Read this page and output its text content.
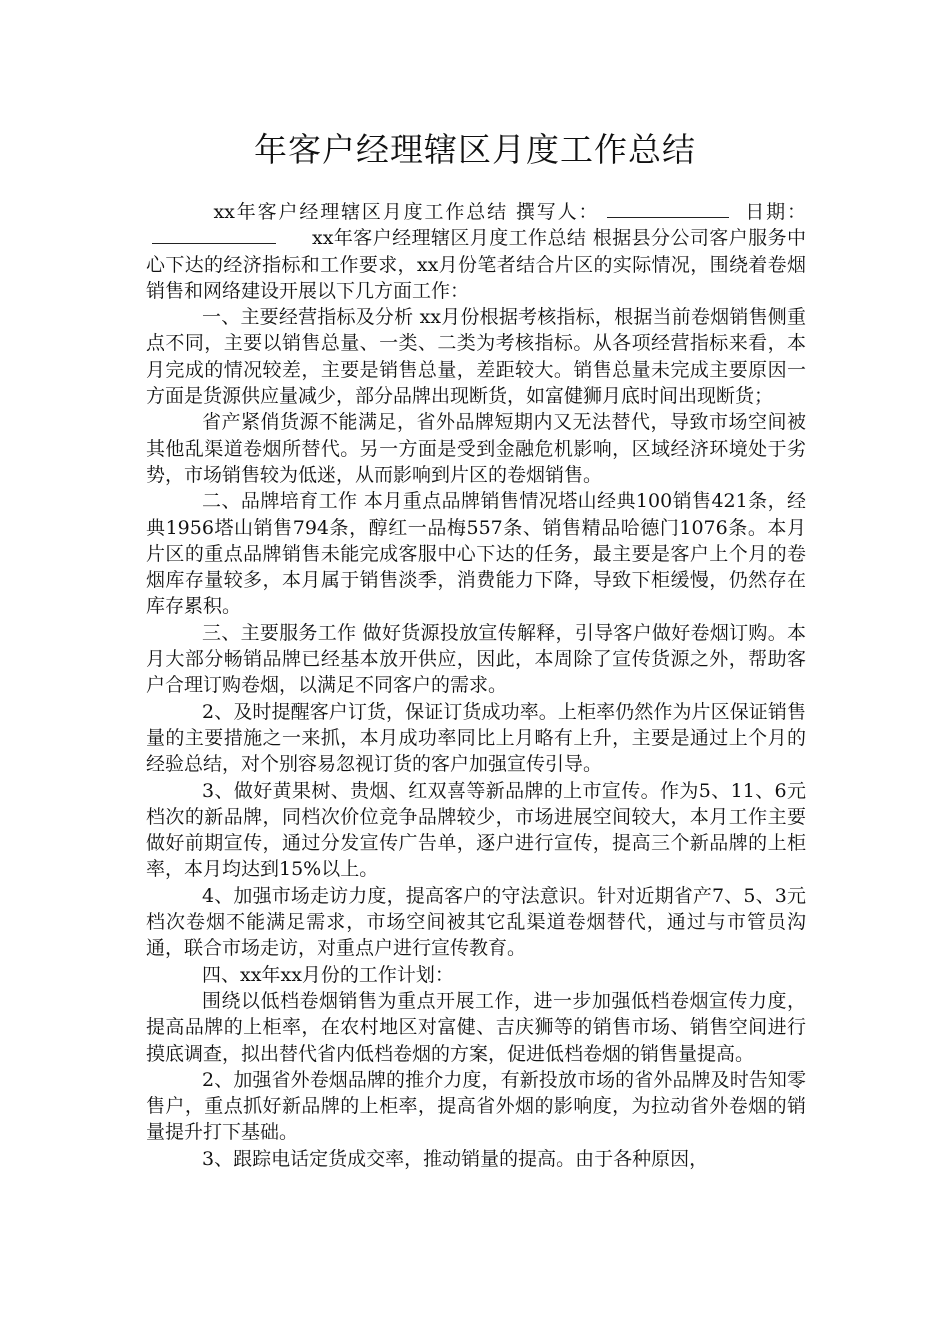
年客户经理辖区月度工作总结

xx年客户经理辖区月度工作总结 撰写人：	日期：xx年客户经理辖区月度工作总结 根据县分公司客户服务中心下达的经济指标和工作要求，xx月份笔者结合片区的实际情况，围绕着卷烟销售和网络建设开展以下几方面工作：

一、主要经营指标及分析 xx月份根据考核指标，根据当前卷烟销售侧重点不同，主要以销售总量、一类、二类为考核指标。从各项经营指标来看，本月完成的情况较差，主要是销售总量，差距较大。销售总量未完成主要原因一方面是货源供应量减少，部分品牌出现断货，如富健狮月底时间出现断货；

省产紧俏货源不能满足，省外品牌短期内又无法替代，导致市场空间被其他乱渠道卷烟所替代。另一方面是受到金融危机影响，区域经济环境处于劣势，市场销售较为低迷，从而影响到片区的卷烟销售。

二、品牌培育工作 本月重点品牌销售情况塔山经典100销售421条，经典1956塔山销售794条，醇红一品梅557条、销售精品哈德门1076条。本月片区的重点品牌销售未能完成客服中心下达的任务，最主要是客户上个月的卷烟库存量较多，本月属于销售淡季，消费能力下降，导致下柜缓慢，仍然存在库存累积。

三、主要服务工作 做好货源投放宣传解释，引导客户做好卷烟订购。本月大部分畅销品牌已经基本放开供应，因此，本周除了宣传货源之外，帮助客户合理订购卷烟，以满足不同客户的需求。

2、及时提醒客户订货，保证订货成功率。上柜率仍然作为片区保证销售量的主要措施之一来抓，本月成功率同比上月略有上升，主要是通过上个月的经验总结，对个别容易忽视订货的客户加强宣传引导。

3、做好黄果树、贵烟、红双喜等新品牌的上市宣传。作为5、11、6元档次的新品牌，同档次价位竞争品牌较少，市场进展空间较大，本月工作主要做好前期宣传，通过分发宣传广告单，逐户进行宣传，提高三个新品牌的上柜率，本月均达到15%以上。

4、加强市场走访力度，提高客户的守法意识。针对近期省产7、5、3元档次卷烟不能满足需求，市场空间被其它乱渠道卷烟替代，通过与市管员沟通，联合市场走访，对重点户进行宣传教育。

四、xx年xx月份的工作计划：

围绕以低档卷烟销售为重点开展工作，进一步加强低档卷烟宣传力度，提高品牌的上柜率，在农村地区对富健、吉庆狮等的销售市场、销售空间进行摸底调查，拟出替代省内低档卷烟的方案，促进低档卷烟的销售量提高。

2、加强省外卷烟品牌的推介力度，有新投放市场的省外品牌及时告知零售户，重点抓好新品牌的上柜率，提高省外烟的影响度，为拉动省外卷烟的销量提升打下基础。

3、跟踪电话定货成交率，推动销量的提高。由于各种原因，
